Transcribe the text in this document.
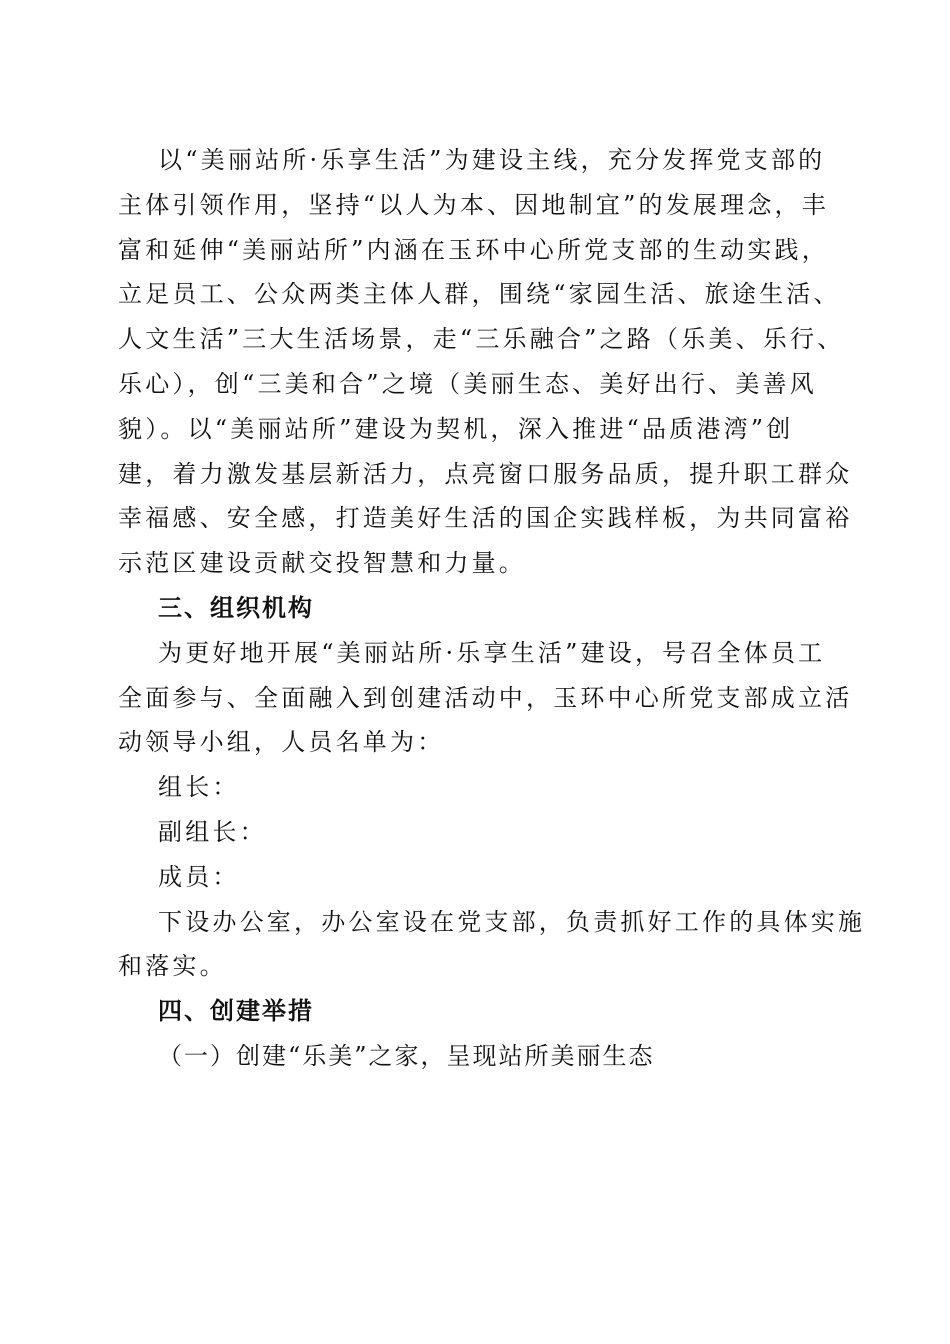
以“美丽站所·乐享生活”为建设主线，充分发挥党支部的
主体引领作用，坚持“以人为本、因地制宜”的发展理念，丰
富和延伸“美丽站所”内涵在玉环中心所党支部的生动实践，
立足员工、公众两类主体人群，围绕“家园生活、旅途生活、
人文生活”三大生活场景，走“三乐融合”之路（乐美、乐行、
乐心），创“三美和合”之境（美丽生态、美好出行、美善风
貌）。以“美丽站所”建设为契机，深入推进“品质港湾”创
建，着力激发基层新活力，点亮窗口服务品质，提升职工群众
幸福感、安全感，打造美好生活的国企实践样板，为共同富裕
示范区建设贡献交投智慧和力量。
三、组织机构
为更好地开展“美丽站所·乐享生活”建设，号召全体员工
全面参与、全面融入到创建活动中，玉环中心所党支部成立活
动领导小组，人员名单为：
组长：
副组长：
成员：
下设办公室，办公室设在党支部，负责抓好工作的具体实施
和落实。
四、创建举措
（一）创建“乐美”之家，呈现站所美丽生态
